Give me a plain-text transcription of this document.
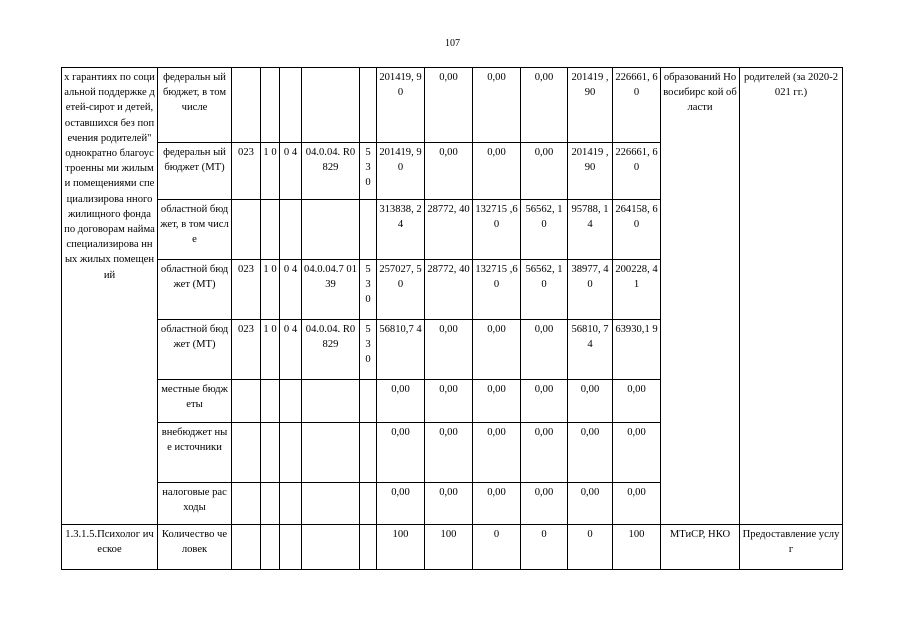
107
х гарантиях по социальной поддержке детей-сирот и детей, оставшихся без попечения родителей" однократно благоустроенны ми жилыми помещениями специализирова нного жилищного фонда по договорам найма специализирова нных жилых помещений	федеральн ый бюджет, в том числе						201419, 90	0,00	0,00	0,00	201419 ,90	226661, 60	образований Новосибирс кой области	родителей (за 2020-2021 гг.)
	федеральн ый бюджет (МТ)	023	1 0	0 4	04.0.04. R0829	5 3 0	201419, 90	0,00	0,00	0,00	201419 ,90	226661, 60		
	областной бюджет, в том числе						313838, 24	28772, 40	132715 ,60	56562, 10	95788, 14	264158, 60		
	областной бюджет (МТ)	023	1 0	0 4	04.0.04.7 0139	5 3 0	257027, 50	28772, 40	132715 ,60	56562, 10	38977, 40	200228, 41		
	областной бюджет (МТ)	023	1 0	0 4	04.0.04. R0829	5 3 0	56810,7 4	0,00	0,00	0,00	56810, 74	63930,1 9		
	местные бюджеты						0,00	0,00	0,00	0,00	0,00	0,00		
	внебюджет ные источники						0,00	0,00	0,00	0,00	0,00	0,00		
	налоговые расходы						0,00	0,00	0,00	0,00	0,00	0,00		
1.3.1.5.Психолог ическое	Количество человек						100	100	0	0	0	100	МТиСР, НКО	Предоставление услуг
